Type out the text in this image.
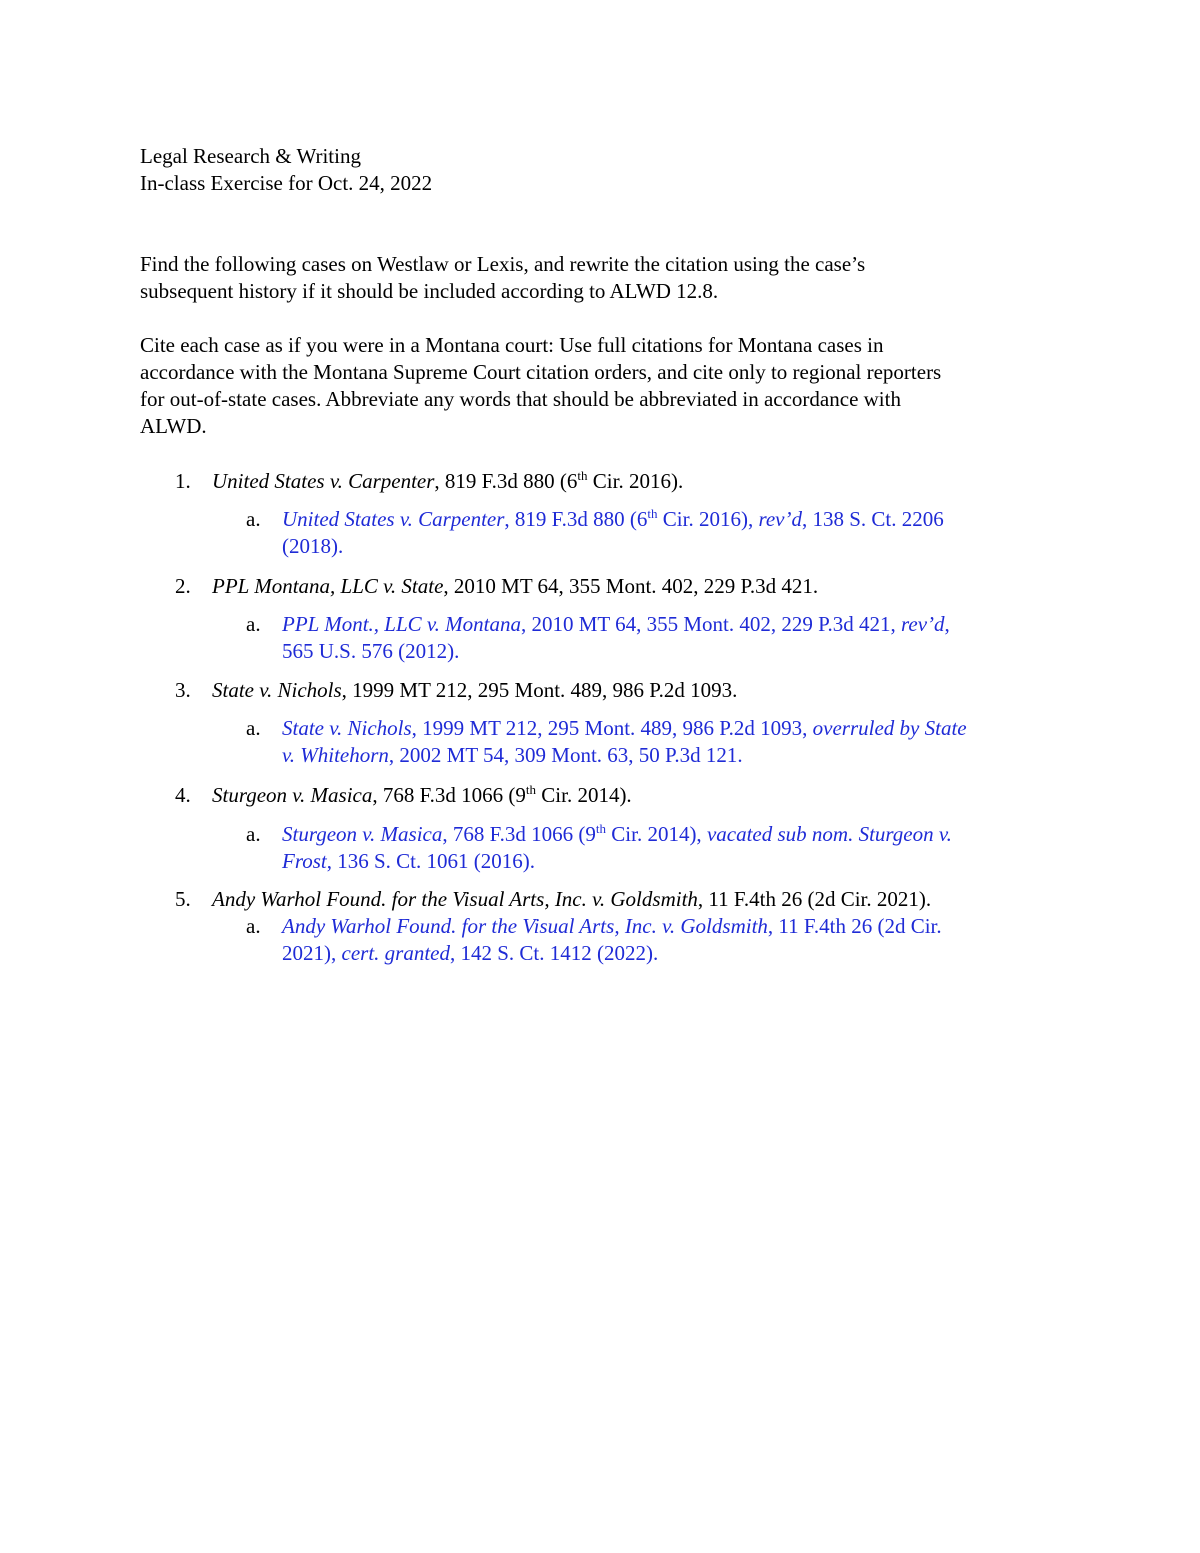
Legal Research & Writing
In-class Exercise for Oct. 24, 2022
Find the following cases on Westlaw or Lexis, and rewrite the citation using the case’s
subsequent history if it should be included according to ALWD 12.8.
Cite each case as if you were in a Montana court: Use full citations for Montana cases in
accordance with the Montana Supreme Court citation orders, and cite only to regional reporters
for out-of-state cases. Abbreviate any words that should be abbreviated in accordance with
ALWD.
1.	United States v. Carpenter, 819 F.3d 880 (6th Cir. 2016).
a.	United States v. Carpenter, 819 F.3d 880 (6th Cir. 2016), rev’d, 138 S. Ct. 2206
(2018).
2.	PPL Montana, LLC v. State, 2010 MT 64, 355 Mont. 402, 229 P.3d 421.
a.	PPL Mont., LLC v. Montana, 2010 MT 64, 355 Mont. 402, 229 P.3d 421, rev’d,
565 U.S. 576 (2012).
3.	State v. Nichols, 1999 MT 212, 295 Mont. 489, 986 P.2d 1093.
a.	State v. Nichols, 1999 MT 212, 295 Mont. 489, 986 P.2d 1093, overruled by State
v. Whitehorn, 2002 MT 54, 309 Mont. 63, 50 P.3d 121.
4.	Sturgeon v. Masica, 768 F.3d 1066 (9th Cir. 2014).
a.	Sturgeon v. Masica, 768 F.3d 1066 (9th Cir. 2014), vacated sub nom. Sturgeon v.
Frost, 136 S. Ct. 1061 (2016).
5.	Andy Warhol Found. for the Visual Arts, Inc. v. Goldsmith, 11 F.4th 26 (2d Cir. 2021).
a.	Andy Warhol Found. for the Visual Arts, Inc. v. Goldsmith, 11 F.4th 26 (2d Cir.
2021), cert. granted, 142 S. Ct. 1412 (2022).
